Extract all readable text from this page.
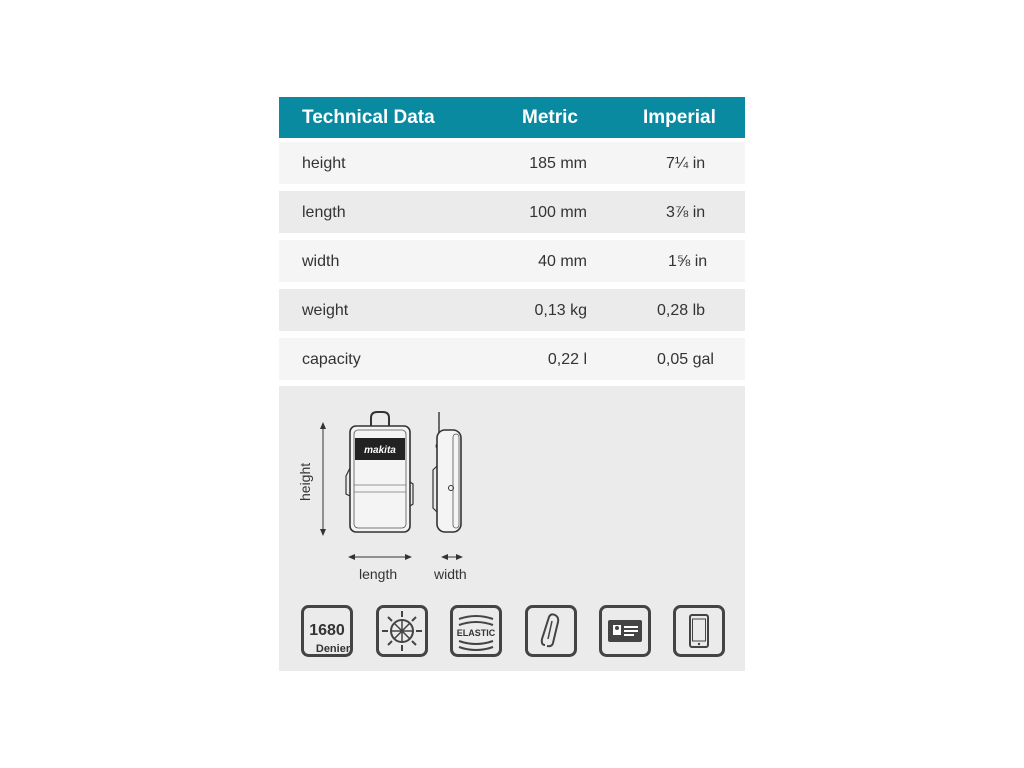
Technical Data	Metric	Imperial
height	185 mm	7¼ in
length	100 mm	3⅞ in
width	40 mm	1⅝ in
weight	0,13 kg	0,28 lb
capacity	0,22 l	0,05 gal
makita
height
length	width
1680
Denier
ELASTIC
